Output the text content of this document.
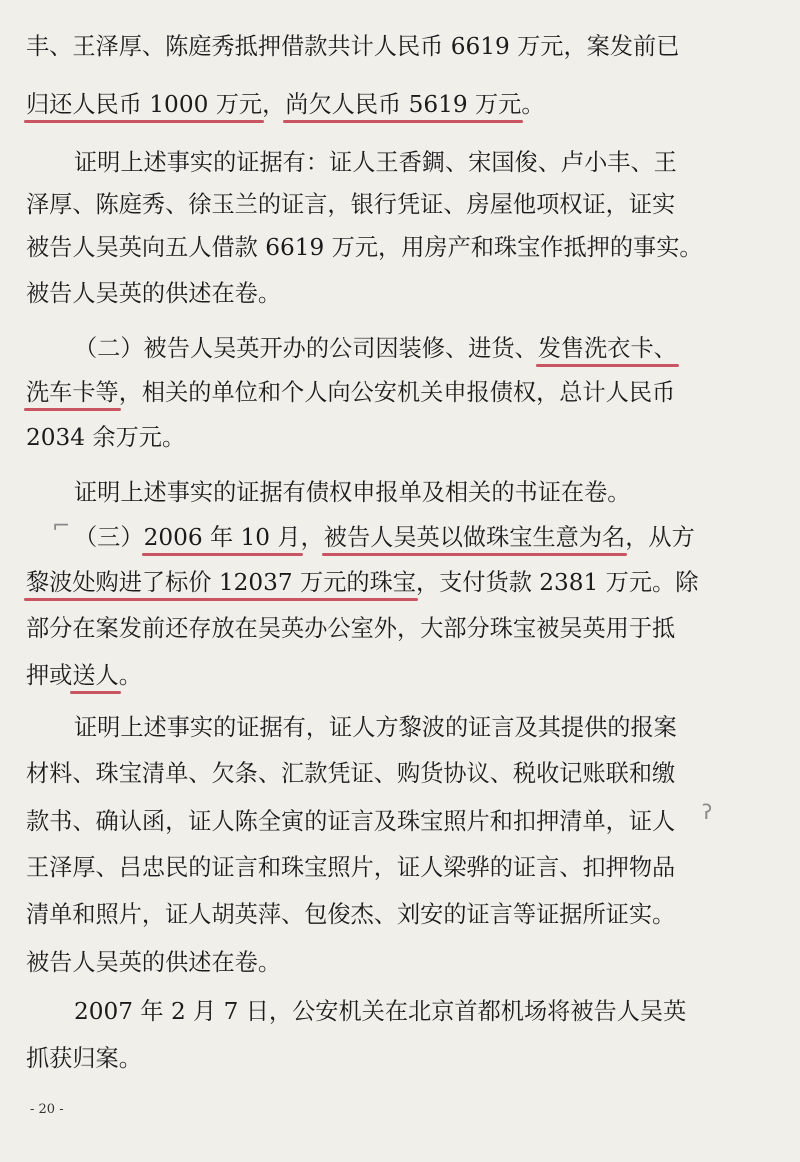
丰、王泽厚、陈庭秀抵押借款共计人民币 6619 万元，案发前已

归还人民币 1000 万元，尚欠人民币 5619 万元。

证明上述事实的证据有：证人王香錭、宋国俊、卢小丰、王

泽厚、陈庭秀、徐玉兰的证言，银行凭证、房屋他项权证，证实

被告人吴英向五人借款 6619 万元，用房产和珠宝作抵押的事实。

被告人吴英的供述在卷。

（二）被告人吴英开办的公司因装修、进货、发售洗衣卡、

洗车卡等，相关的单位和个人向公安机关申报债权，总计人民币

2034 余万元。

证明上述事实的证据有债权申报单及相关的书证在卷。

（三）2006 年 10 月，被告人吴英以做珠宝生意为名，从方

黎波处购进了标价 12037 万元的珠宝，支付货款 2381 万元。除

部分在案发前还存放在吴英办公室外，大部分珠宝被吴英用于抵

押或送人。

证明上述事实的证据有，证人方黎波的证言及其提供的报案

材料、珠宝清单、欠条、汇款凭证、购货协议、税收记账联和缴

款书、确认函，证人陈全寅的证言及珠宝照片和扣押清单，证人

王泽厚、吕忠民的证言和珠宝照片，证人梁骅的证言、扣押物品

清单和照片，证人胡英萍、包俊杰、刘安的证言等证据所证实。

被告人吴英的供述在卷。

2007 年 2 月 7 日，公安机关在北京首都机场将被告人吴英

抓获归案。

⌐
ʔ
- 20 -
